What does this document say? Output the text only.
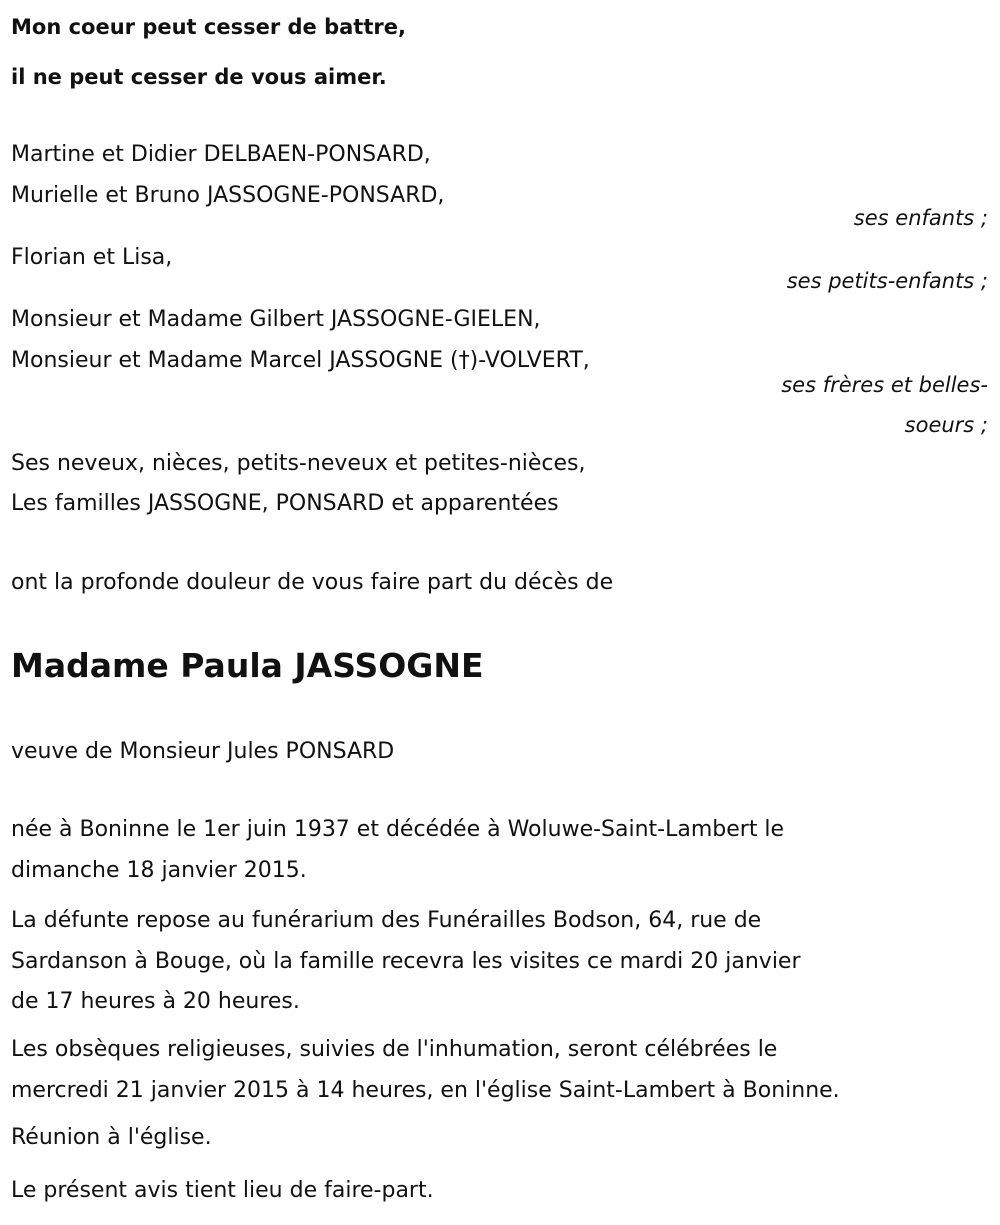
Mon coeur peut cesser de battre,
il ne peut cesser de vous aimer.
Martine et Didier DELBAEN-PONSARD,
Murielle et Bruno JASSOGNE-PONSARD,
ses enfants ;
Florian et Lisa,
ses petits-enfants ;
Monsieur et Madame Gilbert JASSOGNE-GIELEN,
Monsieur et Madame Marcel JASSOGNE (†)-VOLVERT,
ses frères et belles-
soeurs ;
Ses neveux, nièces, petits-neveux et petites-nièces,
Les familles JASSOGNE, PONSARD et apparentées
ont la profonde douleur de vous faire part du décès de
Madame Paula JASSOGNE
veuve de Monsieur Jules PONSARD
née à Boninne le 1er juin 1937 et décédée à Woluwe-Saint-Lambert le
dimanche 18 janvier 2015.
La défunte repose au funérarium des Funérailles Bodson, 64, rue de
Sardanson à Bouge, où la famille recevra les visites ce mardi 20 janvier
de 17 heures à 20 heures.
Les obsèques religieuses, suivies de l'inhumation, seront célébrées le
mercredi 21 janvier 2015 à 14 heures, en l'église Saint-Lambert à Boninne.
Réunion à l'église.
Le présent avis tient lieu de faire-part.
